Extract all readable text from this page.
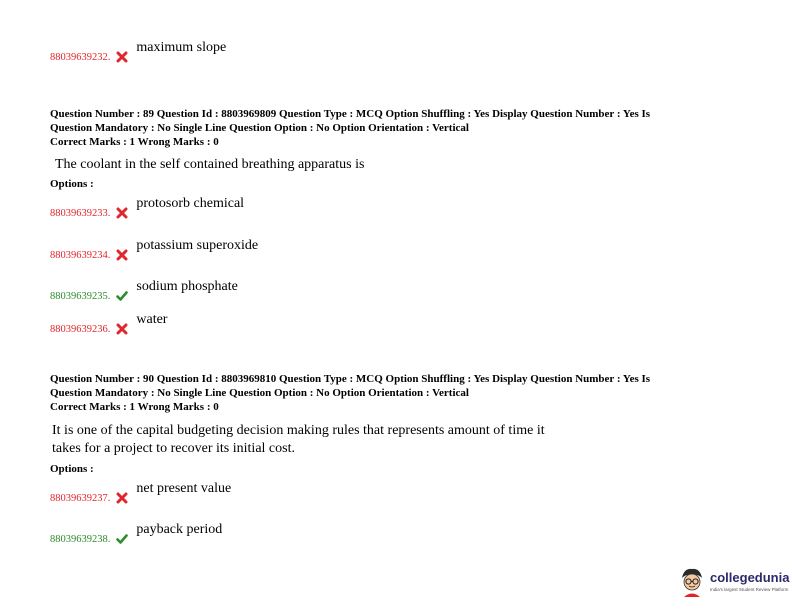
88039639232.
maximum slope
Question Number : 89 Question Id : 8803969809 Question Type : MCQ Option Shuffling : Yes Display Question Number : Yes Is
Question Mandatory : No Single Line Question Option : No Option Orientation : Vertical
Correct Marks : 1 Wrong Marks : 0
The coolant in the self contained breathing apparatus is
Options :
88039639233.
protosorb chemical
88039639234.
potassium superoxide
88039639235.
sodium phosphate
88039639236.
water
Question Number : 90 Question Id : 8803969810 Question Type : MCQ Option Shuffling : Yes Display Question Number : Yes Is
Question Mandatory : No Single Line Question Option : No Option Orientation : Vertical
Correct Marks : 1 Wrong Marks : 0
It is one of the capital budgeting decision making rules that represents amount of time it
takes for a project to recover its initial cost.
Options :
88039639237.
net present value
88039639238.
payback period
collegedunia
India's largest Student Review Platform
